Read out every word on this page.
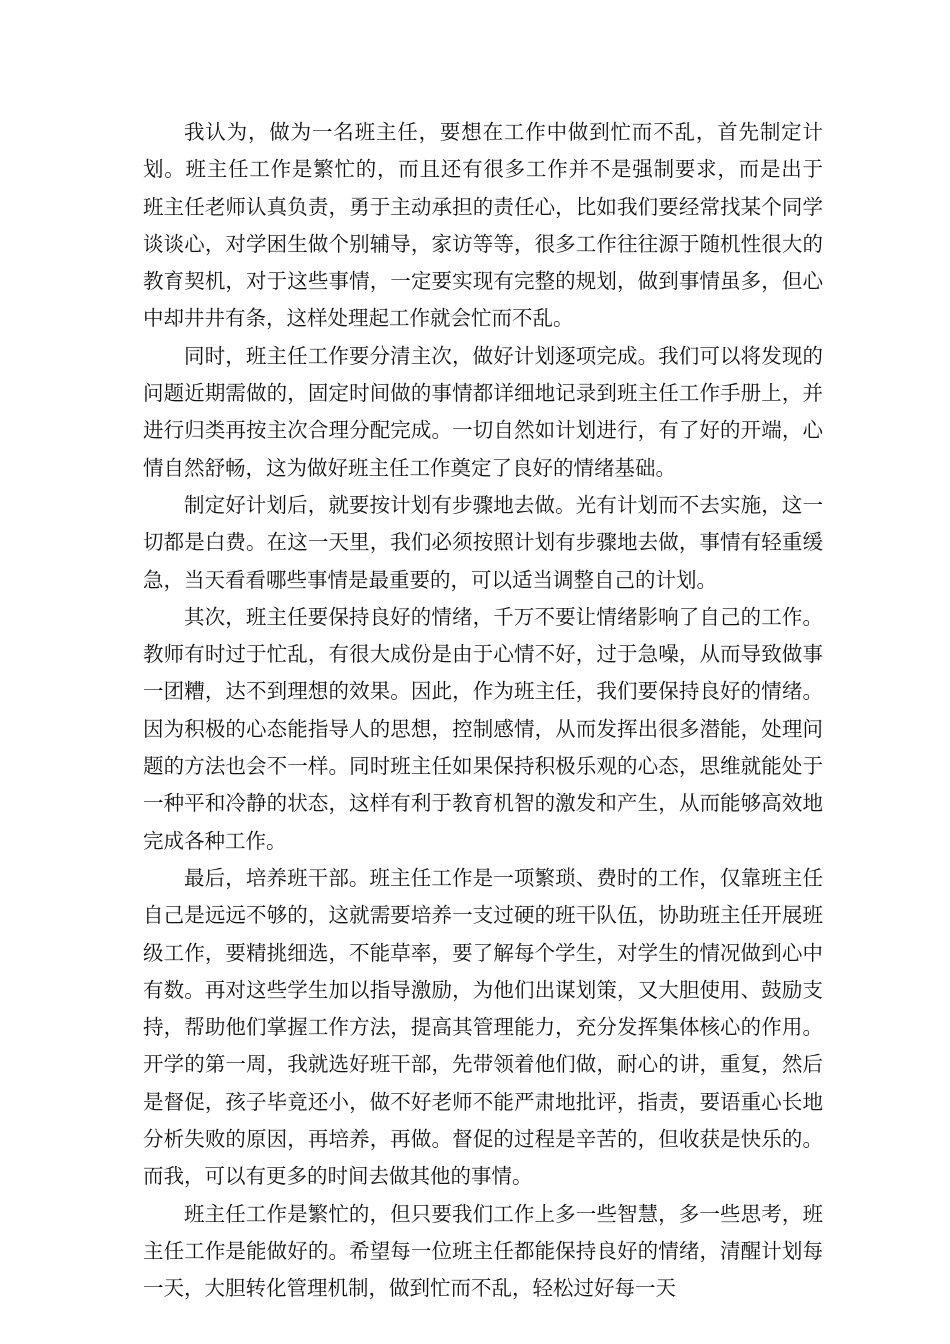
我认为，做为一名班主任，要想在工作中做到忙而不乱，首先制定计划。班主任工作是繁忙的，而且还有很多工作并不是强制要求，而是出于 班主任老师认真负责，勇于主动承担的责任心，比如我们要经常找某个同学谈谈心，对学困生做个别辅导，家访等等，很多工作往往源于随机性很大的教育契机，对于这些事情，一定要实现有完整的规划，做到事情虽多，但心中却井井有条，这样处理起工作就会忙而不乱。

同时，班主任工作要分清主次，做好计划逐项完成。我们可以将发现的问题近期需做的，固定时间做的事情都详细地记录到班主任工作手册上，并进行归类再按主次合理分配完成。一切自然如计划进行，有了好的开端，心情自然舒畅，这为做好班主任工作奠定了良好的情绪基础。

制定好计划后，就要按计划有步骤地去做。光有计划而不去实施，这一切都是白费。在这一天里，我们必须按照计划有步骤地去做，事情有轻重缓急，当天看看哪些事情是最重要的，可以适当调整自己的计划。

其次，班主任要保持良好的情绪，千万不要让情绪影响了自己的工作。教师有时过于忙乱，有很大成份是由于心情不好，过于急噪，从而导致做事一团糟，达不到理想的效果。因此，作为班主任，我们要保持良好的情绪。因为积极的心态能指导人的思想，控制感情，从而发挥出很多潜能，处理问题的方法也会不一样。同时班主任如果保持积极乐观的心态，思维就能处于一种平和冷静的状态，这样有利于教育机智的激发和产生，从而能够高效地完成各种工作。

最后，培养班干部。班主任工作是一项繁琐、费时的工作，仅靠班主任自己是远远不够的，这就需要培养一支过硬的班干队伍，协助班主任开展班级工作，要精挑细选，不能草率，要了解每个学生，对学生的情况做到心中有数。再对这些学生加以指导激励，为他们出谋划策，又大胆使用、鼓励支持，帮助他们掌握工作方法，提高其管理能力，充分发挥集体核心的作用。开学的第一周，我就选好班干部，先带领着他们做，耐心的讲，重复，然后是督促，孩子毕竟还小，做不好老师不能严肃地批评，指责，要语重心长地分析失败的原因，再培养，再做。督促的过程是辛苦的，但收获是快乐的。而我，可以有更多的时间去做其他的事情。

班主任工作是繁忙的，但只要我们工作上多一些智慧，多一些思考，班主任工作是能做好的。希望每一位班主任都能保持良好的情绪，清醒计划每一天，大胆转化管理机制，做到忙而不乱，轻松过好每一天
